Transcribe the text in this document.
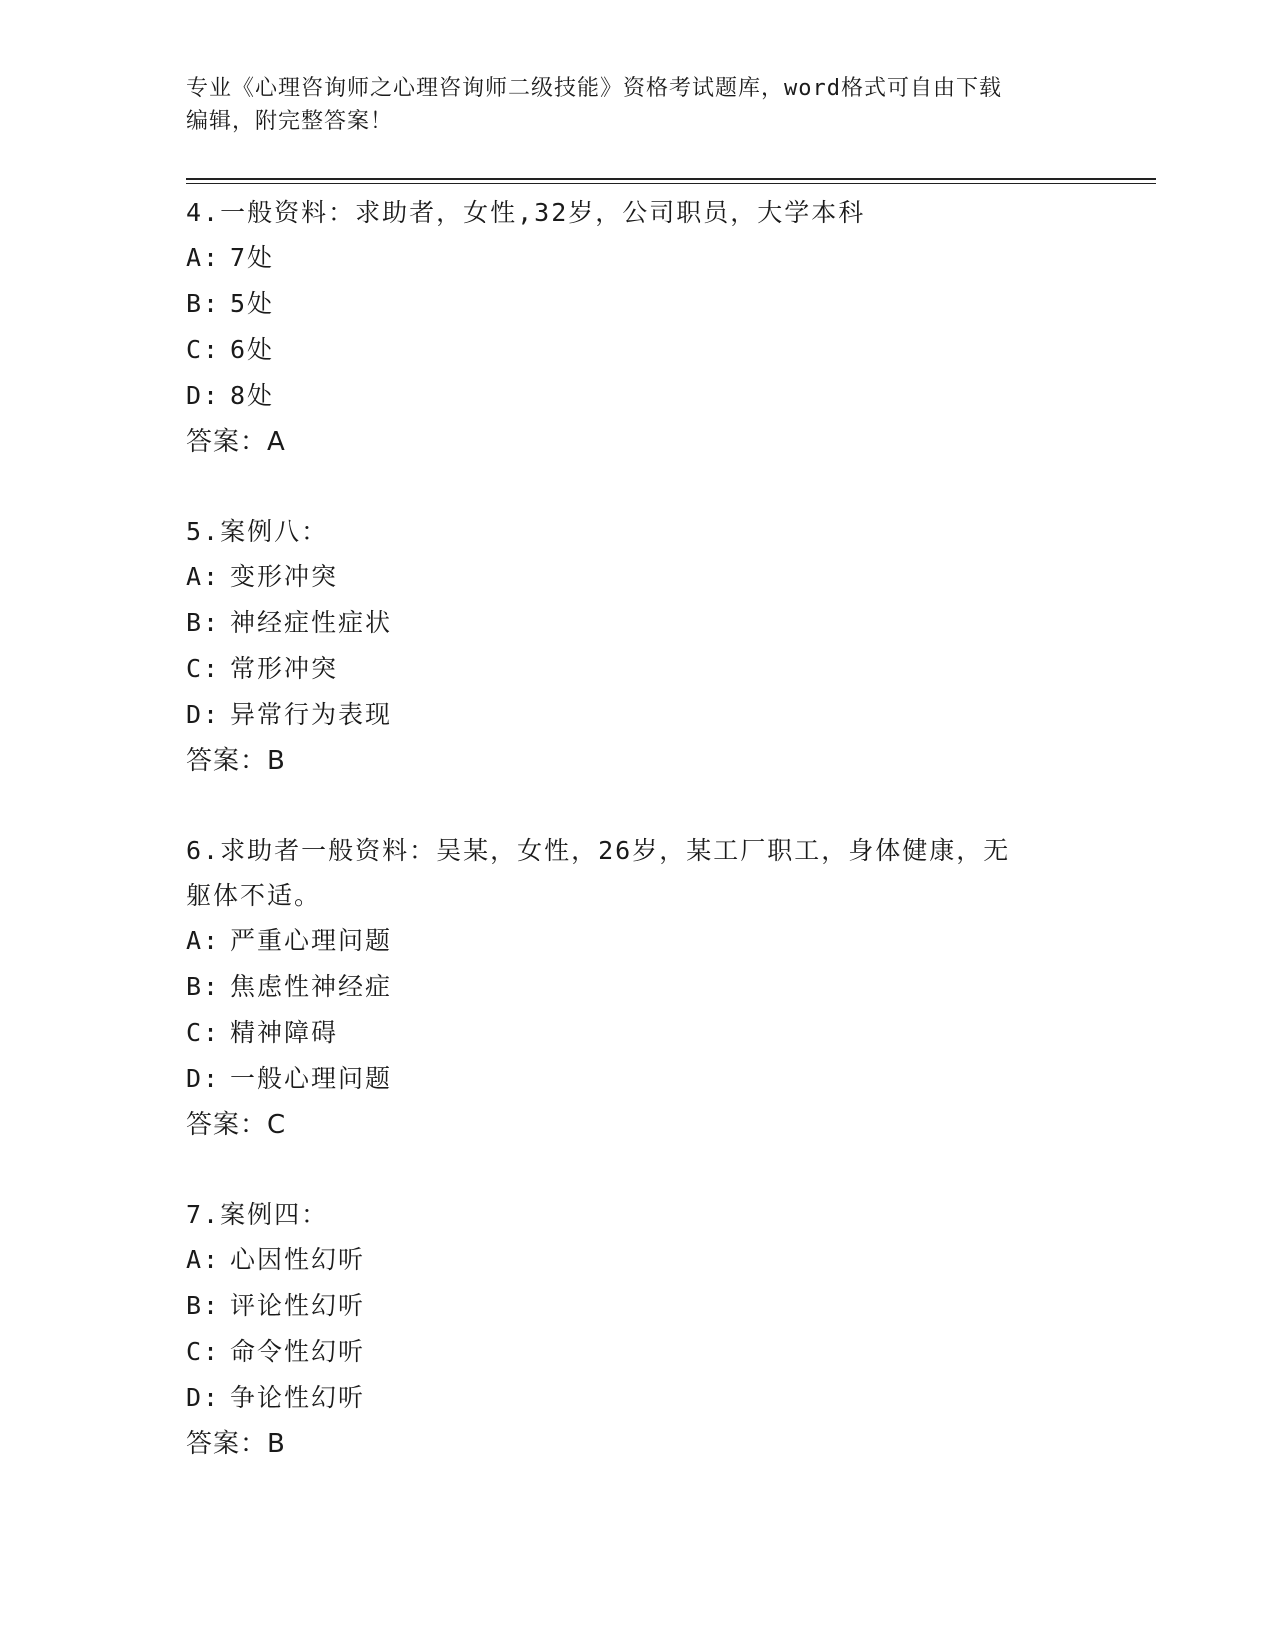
专业《心理咨询师之心理咨询师二级技能》资格考试题库，word格式可自由下载
编辑，附完整答案！
4.一般资料：求助者，女性,32岁，公司职员，大学本科
A: 7处
B: 5处
C: 6处
D: 8处
答案：A
5.案例八：
A: 变形冲突
B: 神经症性症状
C: 常形冲突
D: 异常行为表现
答案：B
6.求助者一般资料：吴某，女性，26岁，某工厂职工，身体健康，无躯体不适。
A: 严重心理问题
B: 焦虑性神经症
C: 精神障碍
D: 一般心理问题
答案：C
7.案例四：
A: 心因性幻听
B: 评论性幻听
C: 命令性幻听
D: 争论性幻听
答案：B
